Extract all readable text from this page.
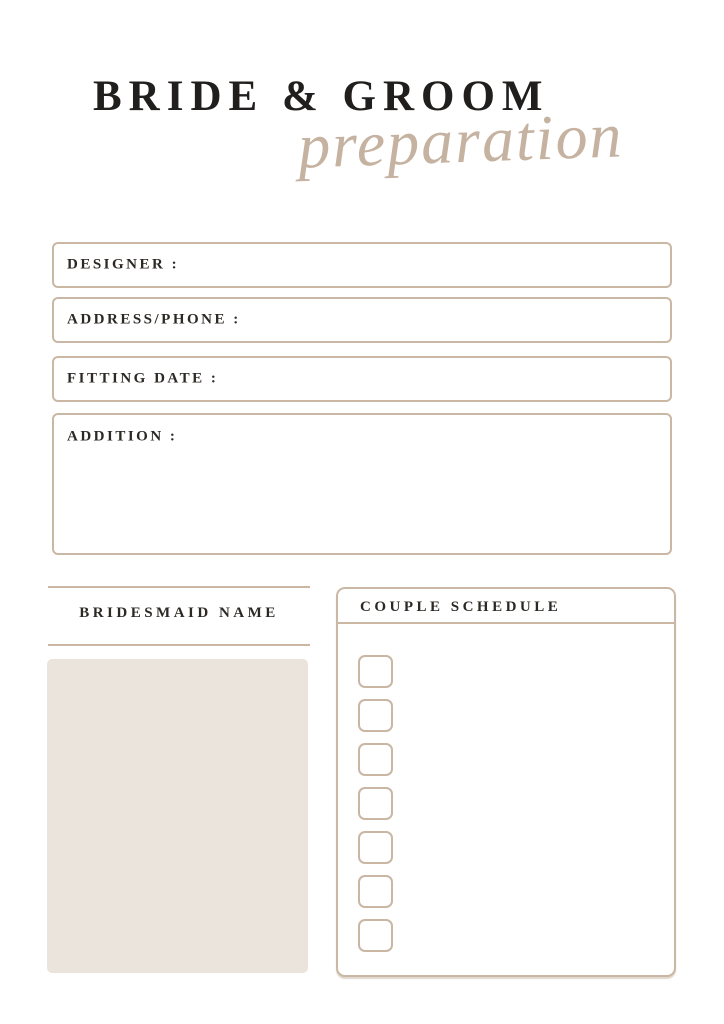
BRIDE & GROOM
preparation
DESIGNER :
ADDRESS/PHONE :
FITTING DATE :
ADDITION :
BRIDESMAID NAME	COUPLE SCHEDULE
